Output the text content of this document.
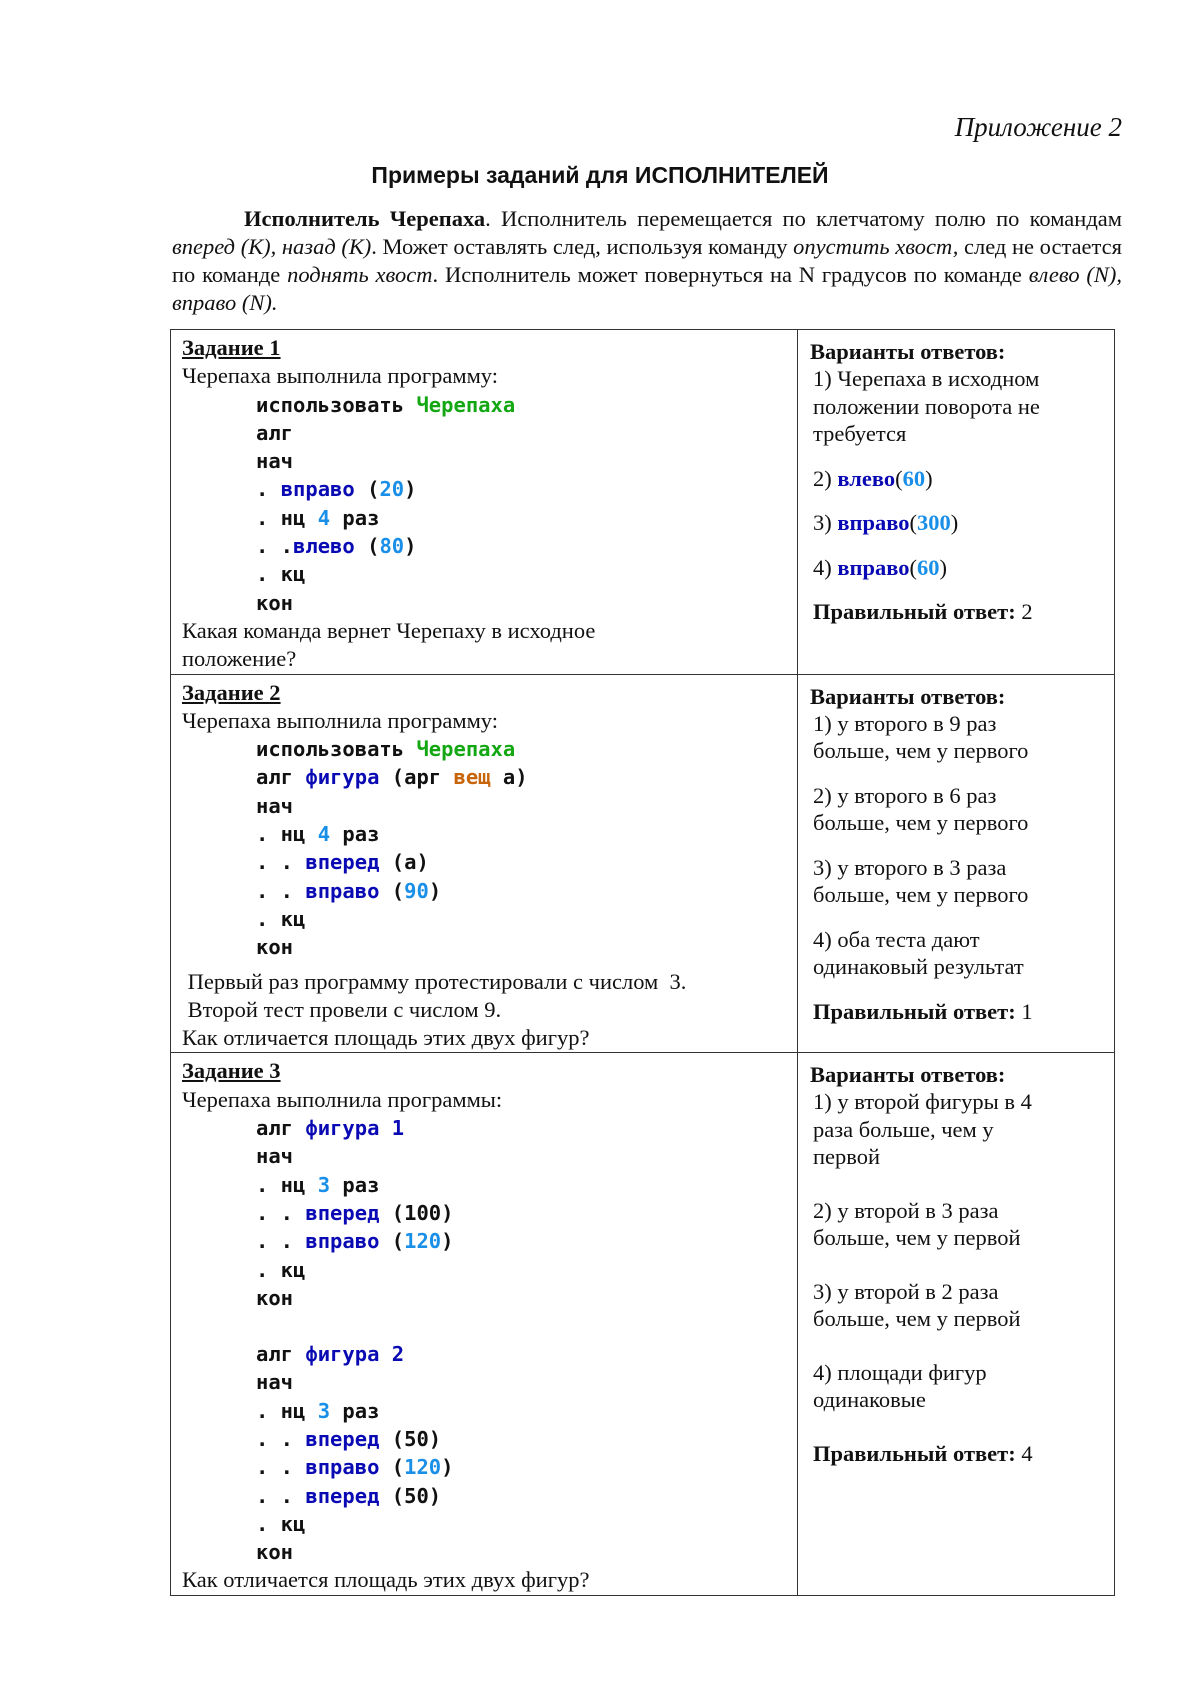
Приложение 2
Примеры заданий для ИСПОЛНИТЕЛЕЙ
Исполнитель Черепаха. Исполнитель перемещается по клетчатому полю по командам вперед (К), назад (К). Может оставлять след, используя команду опустить хвост, след не остается по команде поднять хвост. Исполнитель может повернуться на N градусов по команде влево (N), вправо (N).
Задание 1
Черепаха выполнила программу:
использовать Черепаха
алг
нач
. вправо (20)
. нц 4 раз
. .влево (80)
. кц
кон
Какая команда вернет Черепаху в исходное
положение?

Варианты ответов:
1) Черепаха в исходном
положении поворота не
требуется
2) влево(60)
3) вправо(300)
4) вправо(60)
Правильный ответ: 2

Задание 2
Черепаха выполнила программу:
использовать Черепаха
алг фигура (арг вещ а)
нач
. нц 4 раз
. . вперед (а)
. . вправо (90)
. кц
кон
Первый раз программу протестировали с числом  3.
Второй тест провели с числом 9.
Как отличается площадь этих двух фигур?

Варианты ответов:
1) у второго в 9 раз
больше, чем у первого
2) у второго в 6 раз
больше, чем у первого
3) у второго в 3 раза
больше, чем у первого
4) оба теста дают
одинаковый результат
Правильный ответ: 1

Задание 3
Черепаха выполнила программы:
алг фигура 1
нач
. нц 3 раз
. . вперед (100)
. . вправо (120)
. кц
кон
алг фигура 2
нач
. нц 3 раз
. . вперед (50)
. . вправо (120)
. . вперед (50)
. кц
кон
Как отличается площадь этих двух фигур?

Варианты ответов:
1) у второй фигуры в 4
раза больше, чем у
первой
2) у второй в 3 раза
больше, чем у первой
3) у второй в 2 раза
больше, чем у первой
4) площади фигур
одинаковые
Правильный ответ: 4
